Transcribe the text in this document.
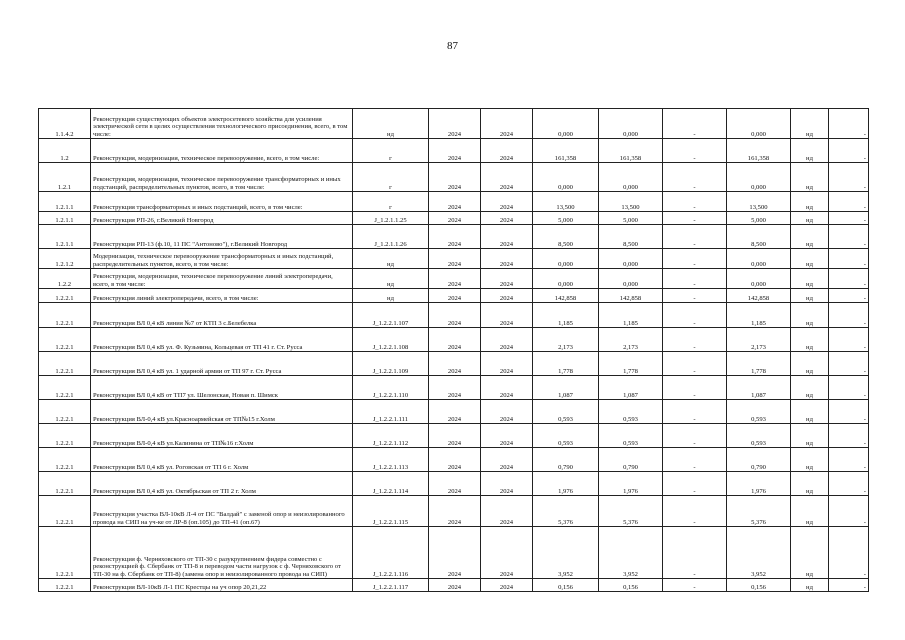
87
1.1.4.2	Реконструкция существующих объектов электросетевого хозяйства для усиления электрической сети в целях осуществления технологического присоединения, всего, в том числе:	нд	2024	2024	0,000	0,000	-	0,000	нд	-
1.2	Реконструкция, модернизация, техническое перевооружение, всего, в том числе:	г	2024	2024	161,358	161,358	-	161,358	нд	-
1.2.1	Реконструкция, модернизация, техническое перевооружение трансформаторных и иных подстанций, распределительных пунктов, всего, в том числе:	г	2024	2024	0,000	0,000	-	0,000	нд	-
1.2.1.1	Реконструкция трансформаторных и иных подстанций, всего, в том числе:	г	2024	2024	13,500	13,500	-	13,500	нд	-
1.2.1.1	Реконструкция РП-26, г.Великий Новгород	J_1.2.1.1.25	2024	2024	5,000	5,000	-	5,000	нд	-
1.2.1.1	Реконструкция РП-13 (ф.10, 11 ПС "Антоново"), г.Великий Новгород	J_1.2.1.1.26	2024	2024	8,500	8,500	-	8,500	нд	-
1.2.1.2	Модернизация, техническое перевооружение трансформаторных и иных подстанций, распределительных пунктов, всего, в том числе:	нд	2024	2024	0,000	0,000	-	0,000	нд	-
1.2.2	Реконструкция, модернизация, техническое перевооружение линий электропередачи, всего, в том числе:	нд	2024	2024	0,000	0,000	-	0,000	нд	-
1.2.2.1	Реконструкция линий электропередачи, всего, в том числе:	нд	2024	2024	142,858	142,858	-	142,858	нд	-
1.2.2.1	Реконструкция ВЛ 0,4 кВ линия №7 от КТП 3 с.Белебелка	J_1.2.2.1.107	2024	2024	1,185	1,185	-	1,185	нд	-
1.2.2.1	Реконструкция ВЛ 0,4 кВ ул. Ф. Кузьмина, Кольцевая от ТП 41 г. Ст. Русса	J_1.2.2.1.108	2024	2024	2,173	2,173	-	2,173	нд	-
1.2.2.1	Реконструкция ВЛ 0,4 кВ ул. 1 ударной армии от ТП 97 г. Ст. Русса	J_1.2.2.1.109	2024	2024	1,778	1,778	-	1,778	нд	-
1.2.2.1	Реконструкция ВЛ 0,4 кВ от ТП7 ул. Шелонская, Новая п. Шимск	J_1.2.2.1.110	2024	2024	1,087	1,087	-	1,087	нд	-
1.2.2.1	Реконструкция ВЛ-0,4 кВ ул.Красноармейская от ТП№15 г.Холм	J_1.2.2.1.111	2024	2024	0,593	0,593	-	0,593	нд	-
1.2.2.1	Реконструкция ВЛ-0,4 кВ ул.Калинина от ТП№16 г.Холм	J_1.2.2.1.112	2024	2024	0,593	0,593	-	0,593	нд	-
1.2.2.1	Реконструкция ВЛ 0,4 кВ ул. Роговская от ТП 6 г. Холм	J_1.2.2.1.113	2024	2024	0,790	0,790	-	0,790	нд	-
1.2.2.1	Реконструкция ВЛ 0,4 кВ ул. Октябрьская от ТП 2 г. Холм	J_1.2.2.1.114	2024	2024	1,976	1,976	-	1,976	нд	-
1.2.2.1	Реконструкция участка ВЛ-10кВ Л-4 от ПС "Валдай" с заменой опор и неизолированного провода на СИП на уч-ке от ЛР-8 (оп.105) до ТП-41 (оп.67)	J_1.2.2.1.115	2024	2024	5,376	5,376	-	5,376	нд	-
1.2.2.1	Реконструкция ф. Черняховского от ТП-30 с разукрупнением фидера совместно с реконструкцией ф. Сбербанк от ТП-8 и переводом части нагрузок с ф. Черняховского от ТП-30 на ф. Сбербанк от ТП-8) (замена опор и неизолированного провода на СИП)	J_1.2.2.1.116	2024	2024	3,952	3,952	-	3,952	нд	-
1.2.2.1	Реконструкция ВЛ-10кВ Л-1 ПС Крестцы на уч опор 20,21,22	J_1.2.2.1.117	2024	2024	0,156	0,156	-	0,156	нд	-
